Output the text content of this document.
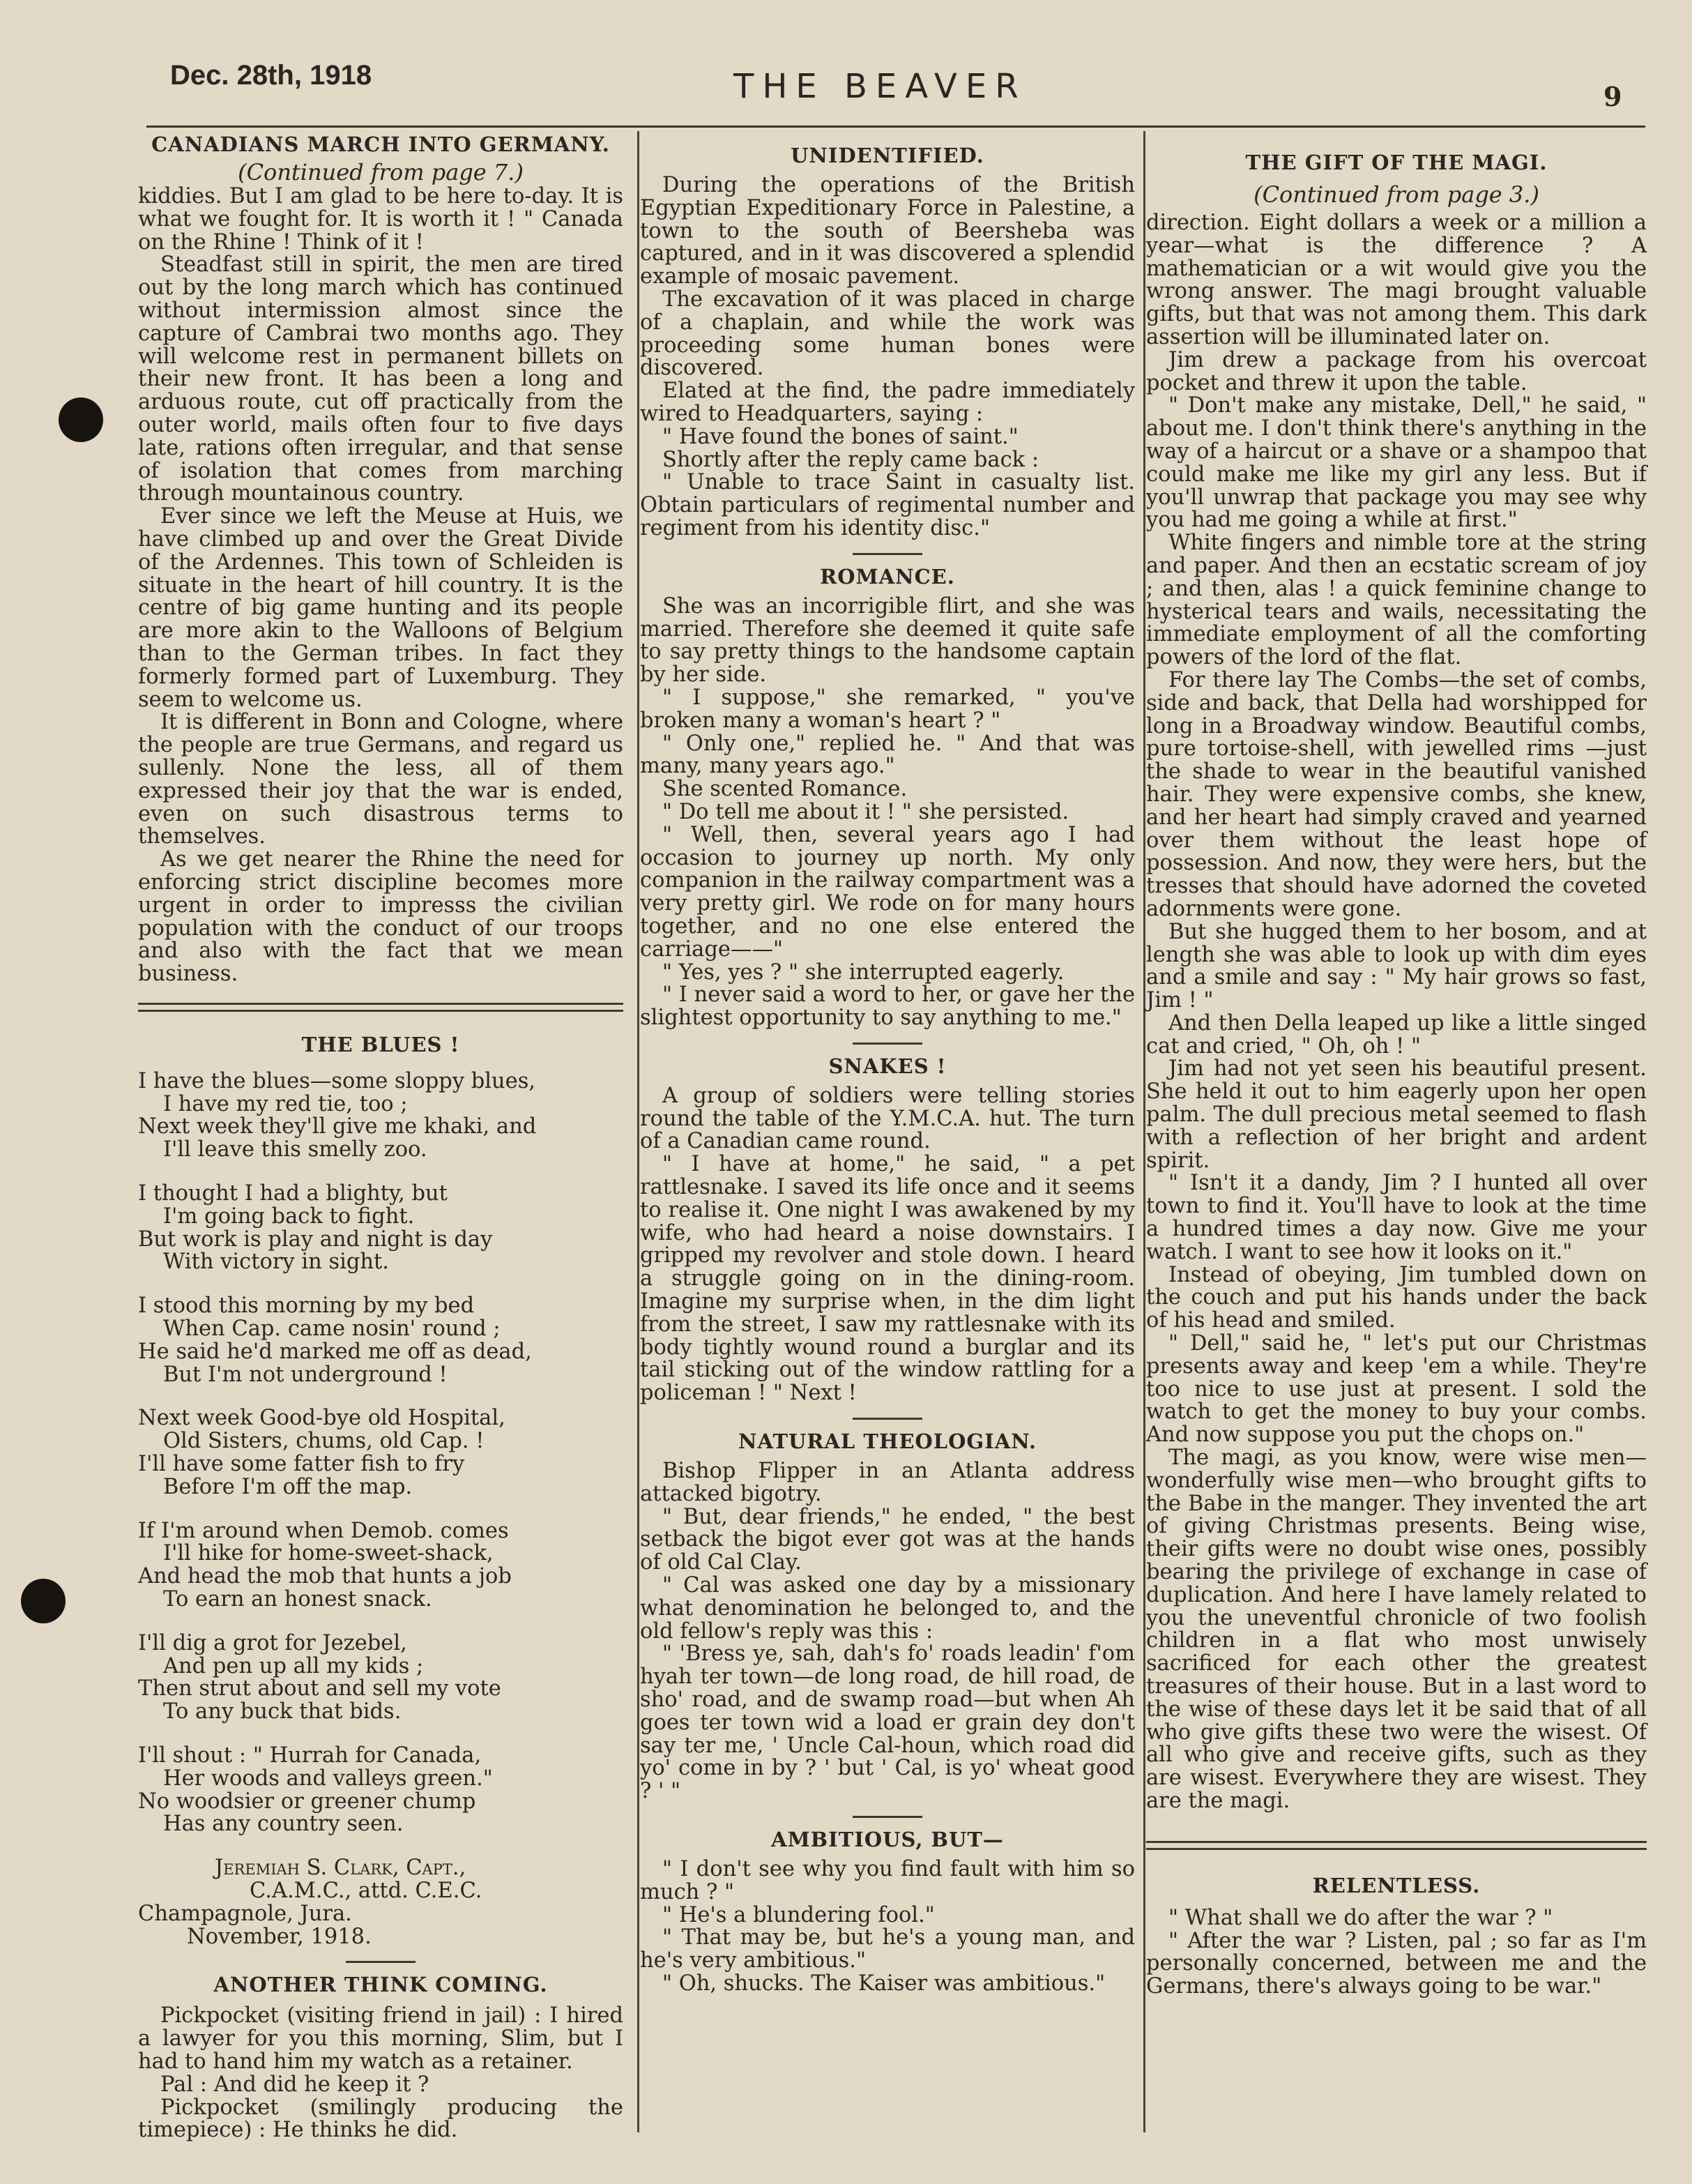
Dec. 28th, 1918	THE BEAVER	9
CANADIANS MARCH INTO GERMANY.
(Continued from page 7.)

kiddies. But I am glad to be here to-day. It is what we fought for. It is worth it ! " Canada on the Rhine ! Think of it !

Steadfast still in spirit, the men are tired out by the long march which has continued without intermission almost since the capture of Cambrai two months ago. They will welcome rest in permanent billets on their new front. It has been a long and arduous route, cut off practically from the outer world, mails often four to five days late, rations often irregular, and that sense of isolation that comes from marching through mountainous country.

Ever since we left the Meuse at Huis, we have climbed up and over the Great Divide of the Ardennes. This town of Schleiden is situate in the heart of hill country. It is the centre of big game hunting and its people are more akin to the Walloons of Belgium than to the German tribes. In fact they formerly formed part of Luxemburg. They seem to welcome us.

It is different in Bonn and Cologne, where the people are true Germans, and regard us sullenly. None the less, all of them expressed their joy that the war is ended, even on such disastrous terms to themselves.

As we get nearer the Rhine the need for enforcing strict discipline becomes more urgent in order to impresss the civilian population with the conduct of our troops and also with the fact that we mean business.

THE BLUES !
I have the blues—some sloppy blues,
I have my red tie, too ;
Next week they'll give me khaki, and
I'll leave this smelly zoo.
I thought I had a blighty, but
I'm going back to fight.
But work is play and night is day
With victory in sight.
I stood this morning by my bed
When Cap. came nosin' round ;
He said he'd marked me off as dead,
But I'm not underground !
Next week Good-bye old Hospital,
Old Sisters, chums, old Cap. !
I'll have some fatter fish to fry
Before I'm off the map.
If I'm around when Demob. comes
I'll hike for home-sweet-shack,
And head the mob that hunts a job
To earn an honest snack.
I'll dig a grot for Jezebel,
And pen up all my kids ;
Then strut about and sell my vote
To any buck that bids.
I'll shout : " Hurrah for Canada,
Her woods and valleys green."
No woodsier or greener chump
Has any country seen.
Jeremiah S. Clark, Capt.,
C.A.M.C., attd. C.E.C.
Champagnole, Jura.
November, 1918.
ANOTHER THINK COMING.

Pickpocket (visiting friend in jail) : I hired a lawyer for you this morning, Slim, but I had to hand him my watch as a retainer.

Pal : And did he keep it ?

Pickpocket (smilingly producing the timepiece) : He thinks he did.

UNIDENTIFIED.

During the operations of the British Egyptian Expeditionary Force in Palestine, a town to the south of Beersheba was captured, and in it was discovered a splendid example of mosaic pavement.

The excavation of it was placed in charge of a chaplain, and while the work was proceeding some human bones were discovered.

Elated at the find, the padre immediately wired to Headquarters, saying :

" Have found the bones of saint."

Shortly after the reply came back :

" Unable to trace Saint in casualty list. Obtain particulars of regimental number and regiment from his identity disc."

ROMANCE.

She was an incorrigible flirt, and she was married. Therefore she deemed it quite safe to say pretty things to the handsome captain by her side.

" I suppose," she remarked, " you've broken many a woman's heart ? "

" Only one," replied he. " And that was many, many years ago."

She scented Romance.

" Do tell me about it ! " she persisted.

" Well, then, several years ago I had occasion to journey up north. My only companion in the railway compartment was a very pretty girl. We rode on for many hours together, and no one else entered the carriage——"

" Yes, yes ? " she interrupted eagerly.

" I never said a word to her, or gave her the slightest opportunity to say anything to me."

SNAKES !

A group of soldiers were telling stories round the table of the Y.M.C.A. hut. The turn of a Canadian came round.

" I have at home," he said, " a pet rattlesnake. I saved its life once and it seems to realise it. One night I was awakened by my wife, who had heard a noise downstairs. I gripped my revolver and stole down. I heard a struggle going on in the dining-room. Imagine my surprise when, in the dim light from the street, I saw my rattlesnake with its body tightly wound round a burglar and its tail sticking out of the window rattling for a policeman ! " Next !

NATURAL THEOLOGIAN.

Bishop Flipper in an Atlanta address attacked bigotry.

" But, dear friends," he ended, " the best setback the bigot ever got was at the hands of old Cal Clay.

" Cal was asked one day by a missionary what denomination he belonged to, and the old fellow's reply was this :

" 'Bress ye, sah, dah's fo' roads leadin' f'om hyah ter town—de long road, de hill road, de sho' road, and de swamp road—but when Ah goes ter town wid a load er grain dey don't say ter me, ' Uncle Cal-houn, which road did yo' come in by ? ' but ' Cal, is yo' wheat good ? ' "

AMBITIOUS, BUT—

" I don't see why you find fault with him so much ? "

" He's a blundering fool."

" That may be, but he's a young man, and he's very ambitious."

" Oh, shucks. The Kaiser was ambitious."

THE GIFT OF THE MAGI.
(Continued from page 3.)

direction. Eight dollars a week or a million a year—what is the difference ? A mathematician or a wit would give you the wrong answer. The magi brought valuable gifts, but that was not among them. This dark assertion will be illuminated later on.

Jim drew a package from his overcoat pocket and threw it upon the table.

" Don't make any mistake, Dell," he said, " about me. I don't think there's anything in the way of a haircut or a shave or a shampoo that could make me like my girl any less. But if you'll unwrap that package you may see why you had me going a while at first."

White fingers and nimble tore at the string and paper. And then an ecstatic scream of joy ; and then, alas ! a quick feminine change to hysterical tears and wails, necessitating the immediate employment of all the comforting powers of the lord of the flat.

For there lay The Combs—the set of combs, side and back, that Della had worshipped for long in a Broadway window. Beautiful combs, pure tortoise-shell, with jewelled rims —just the shade to wear in the beautiful vanished hair. They were expensive combs, she knew, and her heart had simply craved and yearned over them without the least hope of possession. And now, they were hers, but the tresses that should have adorned the coveted adornments were gone.

But she hugged them to her bosom, and at length she was able to look up with dim eyes and a smile and say : " My hair grows so fast, Jim ! "

And then Della leaped up like a little singed cat and cried, " Oh, oh ! "

Jim had not yet seen his beautiful present. She held it out to him eagerly upon her open palm. The dull precious metal seemed to flash with a reflection of her bright and ardent spirit.

" Isn't it a dandy, Jim ? I hunted all over town to find it. You'll have to look at the time a hundred times a day now. Give me your watch. I want to see how it looks on it."

Instead of obeying, Jim tumbled down on the couch and put his hands under the back of his head and smiled.

" Dell," said he, " let's put our Christmas presents away and keep 'em a while. They're too nice to use just at present. I sold the watch to get the money to buy your combs. And now suppose you put the chops on."

The magi, as you know, were wise men—wonderfully wise men—who brought gifts to the Babe in the manger. They invented the art of giving Christmas presents. Being wise, their gifts were no doubt wise ones, possibly bearing the privilege of exchange in case of duplication. And here I have lamely related to you the uneventful chronicle of two foolish children in a flat who most unwisely sacrificed for each other the greatest treasures of their house. But in a last word to the wise of these days let it be said that of all who give gifts these two were the wisest. Of all who give and receive gifts, such as they are wisest. Everywhere they are wisest. They are the magi.

RELENTLESS.

" What shall we do after the war ? "

" After the war ? Listen, pal ; so far as I'm personally concerned, between me and the Germans, there's always going to be war."
